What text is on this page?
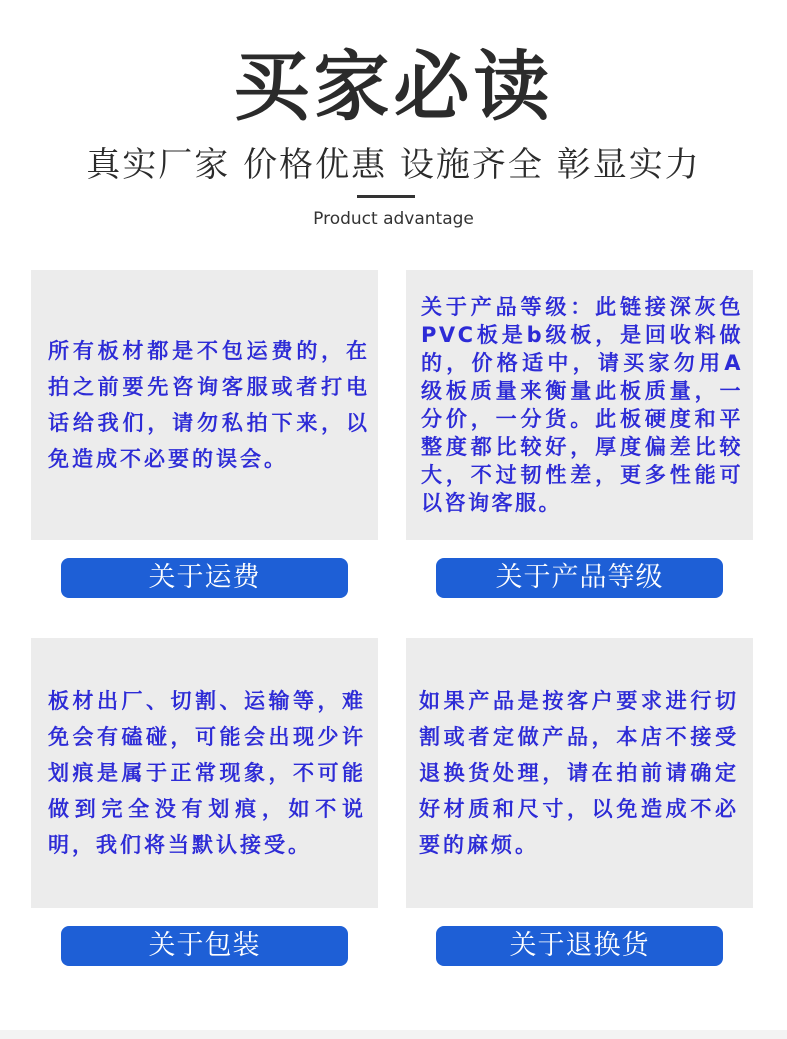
买家必读
真实厂家 价格优惠 设施齐全 彰显实力
Product advantage
所有板材都是不包运费的，在拍之前要先咨询客服或者打电话给我们，请勿私拍下来，以免造成不必要的误会。
关于运费
关于产品等级：此链接深灰色PVC板是b级板，是回收料做的，价格适中，请买家勿用A级板质量来衡量此板质量，一分价，一分货。此板硬度和平整度都比较好，厚度偏差比较大，不过韧性差，更多性能可以咨询客服。
关于产品等级
板材出厂、切割、运输等，难免会有磕碰，可能会出现少许划痕是属于正常现象，不可能做到完全没有划痕，如不说明，我们将当默认接受。
关于包装
如果产品是按客户要求进行切割或者定做产品，本店不接受退换货处理，请在拍前请确定好材质和尺寸，以免造成不必要的麻烦。
关于退换货
